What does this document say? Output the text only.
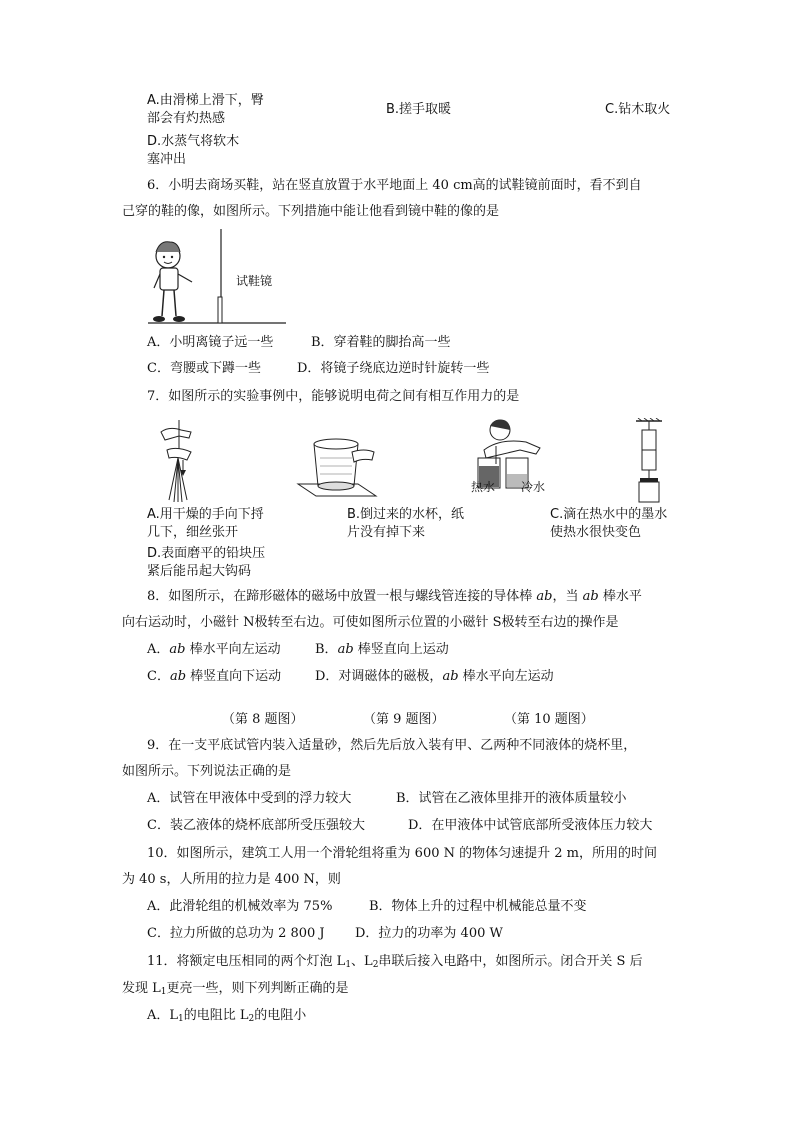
A.由滑梯上滑下，臀
部会有灼热感
B.搓手取暖	C.钻木取火
D.水蒸气将软木
塞冲出
6．小明去商场买鞋，站在竖直放置于水平地面上 40 cm高的试鞋镜前面时，看不到自
己穿的鞋的像，如图所示。下列措施中能让他看到镜中鞋的像的是
试鞋镜
A．小明离镜子远一些	B．穿着鞋的脚抬高一些
C．弯腰或下蹲一些	D．将镜子绕底边逆时针旋转一些
7．如图所示的实验事例中，能够说明电荷之间有相互作用力的是
热水 冷水
A.用干燥的手向下捋
几下，细丝张开
B.倒过来的水杯，纸
片没有掉下来
C.滴在热水中的墨水
使热水很快变色
D.表面磨平的铅块压
紧后能吊起大钩码
8．如图所示，在蹄形磁体的磁场中放置一根与螺线管连接的导体棒 ab，当 ab 棒水平
向右运动时，小磁针 N极转至右边。可使如图所示位置的小磁针 S极转至右边的操作是
A．ab 棒水平向左运动	B．ab 棒竖直向上运动
C．ab 棒竖直向下运动	D．对调磁体的磁极，ab 棒水平向左运动
（第 8 题图）	（第 9 题图）	（第 10 题图）
9．在一支平底试管内装入适量砂，然后先后放入装有甲、乙两种不同液体的烧杯里，
如图所示。下列说法正确的是
A．试管在甲液体中受到的浮力较大	B．试管在乙液体里排开的液体质量较小
C．装乙液体的烧杯底部所受压强较大	D．在甲液体中试管底部所受液体压力较大
10．如图所示，建筑工人用一个滑轮组将重为 600 N 的物体匀速提升 2 m，所用的时间
为 40 s，人所用的拉力是 400 N，则
A．此滑轮组的机械效率为 75%	B．物体上升的过程中机械能总量不变
C．拉力所做的总功为 2 800 J D．拉力的功率为 400 W
11．将额定电压相同的两个灯泡 $L_1$、$L_2$串联后接入电路中，如图所示。闭合开关 S 后
发现 $L_1$更亮一些，则下列判断正确的是
A．$L_1$的电阻比 $L_2$的电阻小
